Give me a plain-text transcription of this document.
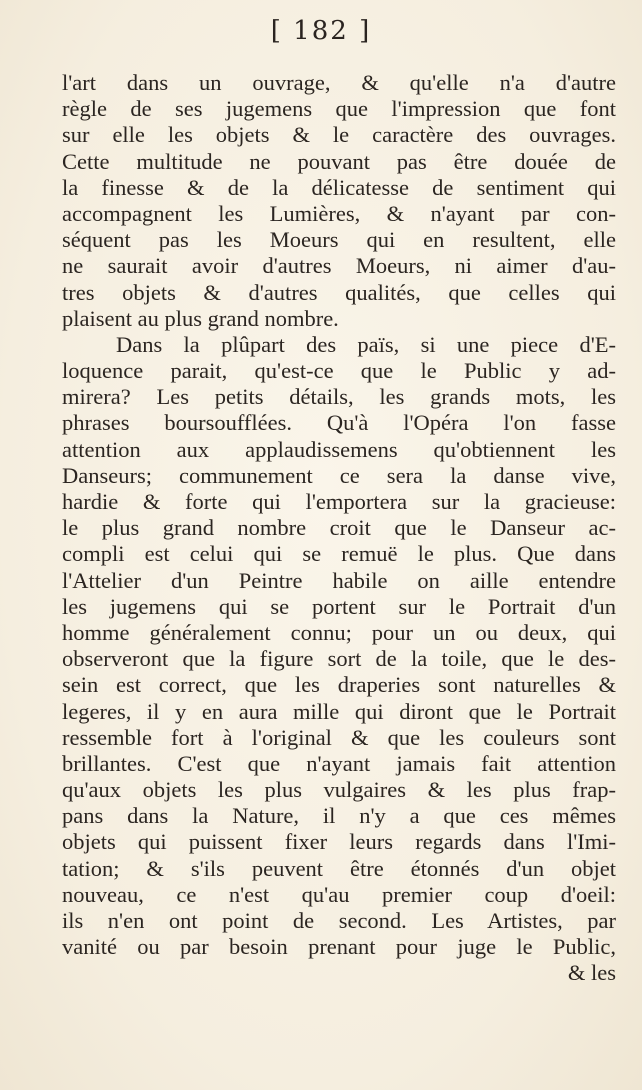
[ 182 ]
l'art dans un ouvrage, & qu'elle n'a d'autre
règle de ses jugemens que l'impression que font
sur elle les objets & le caractère des ouvrages.
Cette multitude ne pouvant pas être douée de
la finesse & de la délicatesse de sentiment qui
accompagnent les Lumières, & n'ayant par con-
séquent pas les Moeurs qui en resultent, elle
ne saurait avoir d'autres Moeurs, ni aimer d'au-
tres objets & d'autres qualités, que celles qui
plaisent au plus grand nombre.
Dans la plûpart des païs, si une piece d'E-
loquence parait, qu'est-ce que le Public y ad-
mirera? Les petits détails, les grands mots, les
phrases boursoufflées. Qu'à l'Opéra l'on fasse
attention aux applaudissemens qu'obtiennent les
Danseurs; communement ce sera la danse vive,
hardie & forte qui l'emportera sur la gracieuse:
le plus grand nombre croit que le Danseur ac-
compli est celui qui se remuë le plus. Que dans
l'Attelier d'un Peintre habile on aille entendre
les jugemens qui se portent sur le Portrait d'un
homme généralement connu; pour un ou deux, qui
observeront que la figure sort de la toile, que le des-
sein est correct, que les draperies sont naturelles &
legeres, il y en aura mille qui diront que le Portrait
ressemble fort à l'original & que les couleurs sont
brillantes. C'est que n'ayant jamais fait attention
qu'aux objets les plus vulgaires & les plus frap-
pans dans la Nature, il n'y a que ces mêmes
objets qui puissent fixer leurs regards dans l'Imi-
tation; & s'ils peuvent être étonnés d'un objet
nouveau, ce n'est qu'au premier coup d'oeil:
ils n'en ont point de second. Les Artistes, par
vanité ou par besoin prenant pour juge le Public,
& les
